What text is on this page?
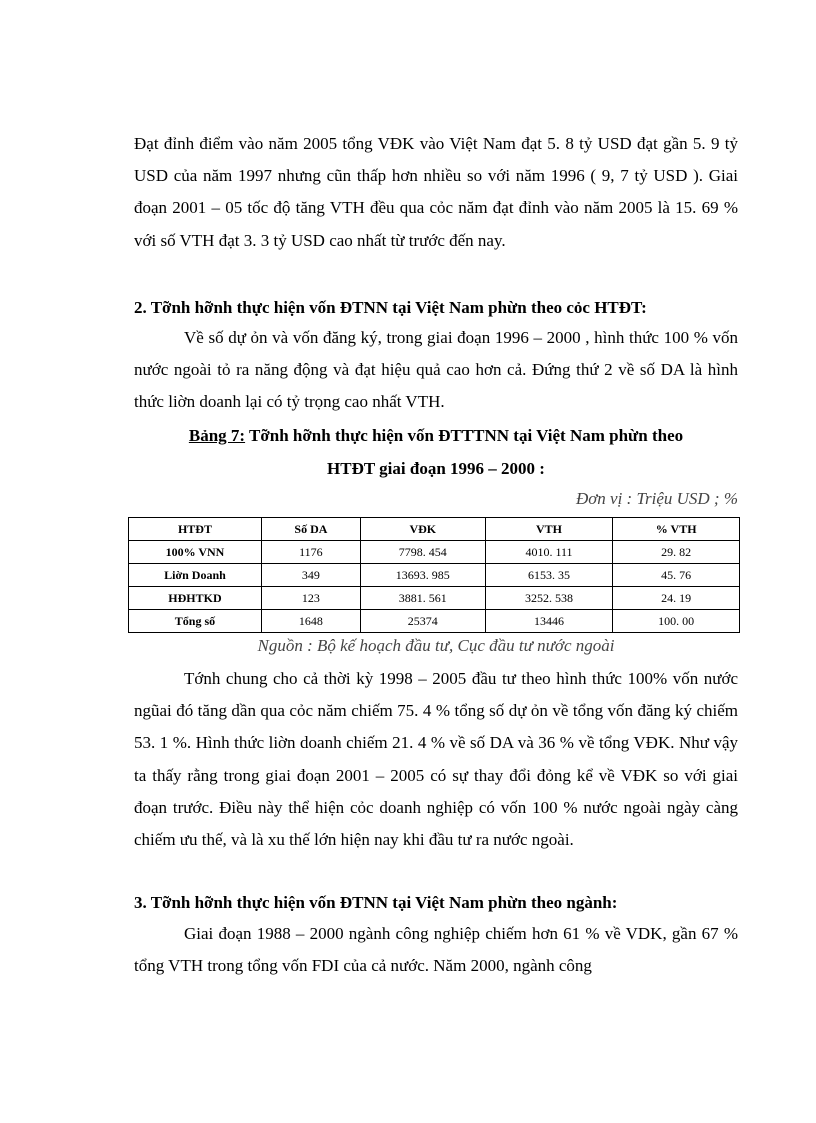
Đạt đỉnh điểm vào năm 2005 tổng VĐK vào Việt Nam đạt 5. 8 tỷ USD đạt gần 5. 9 tỷ USD của năm 1997 nhưng cũn thấp hơn nhiều so với năm 1996 ( 9, 7 tỷ USD ). Giai đoạn 2001 – 05 tốc độ tăng VTH đều qua cỏc năm đạt đỉnh vào năm 2005 là 15. 69 % với số VTH đạt 3. 3 tỷ USD cao nhất từ trước đến nay.

2. Tỡnh hỡnh thực hiện vốn ĐTNN tại Việt Nam phừn theo cỏc HTĐT:

Về số dự ỏn và vốn đăng ký, trong giai đoạn 1996 – 2000 , hình thức 100 % vốn nước ngoài tỏ ra năng động và đạt hiệu quả cao hơn cả. Đứng thứ 2 về số DA là hình thức liờn doanh lại có tỷ trọng cao nhất VTH.

Bảng 7: Tỡnh hỡnh thực hiện vốn ĐTTTNN tại Việt Nam phừn theo

HTĐT giai đoạn 1996 – 2000 :

Đơn vị : Triệu USD ; %

HTĐT	Số DA	VĐK	VTH	% VTH
100% VNN	1176	7798. 454	4010. 111	29. 82
Liờn Doanh	349	13693. 985	6153. 35	45. 76
HĐHTKD	123	3881. 561	3252. 538	24. 19
Tổng số	1648	25374	13446	100. 00

Nguồn : Bộ kế hoạch đầu tư, Cục đầu tư nước ngoài

Tớnh chung cho cả thời kỳ 1998 – 2005 đầu tư theo hình thức 100% vốn nước ngũai đó tăng dần qua cỏc năm chiếm 75. 4 % tổng số dự ỏn về tổng vốn đăng ký chiếm 53. 1 %. Hình thức liờn doanh chiếm 21. 4 % về số DA và 36 % về tổng VĐK. Như vậy ta thấy rằng trong giai đoạn 2001 – 2005 có sự thay đổi đỏng kể về VĐK so với giai đoạn trước. Điều này thể hiện cỏc doanh nghiệp có vốn 100 % nước ngoài ngày càng chiếm ưu thế, và là xu thế lớn hiện nay khi đầu tư ra nước ngoài.

3. Tỡnh hỡnh thực hiện vốn ĐTNN tại Việt Nam phừn theo ngành:

Giai đoạn 1988 – 2000 ngành công nghiệp chiếm hơn 61 % về VDK, gần 67 % tổng VTH trong tổng vốn FDI của cả nước. Năm 2000, ngành công
